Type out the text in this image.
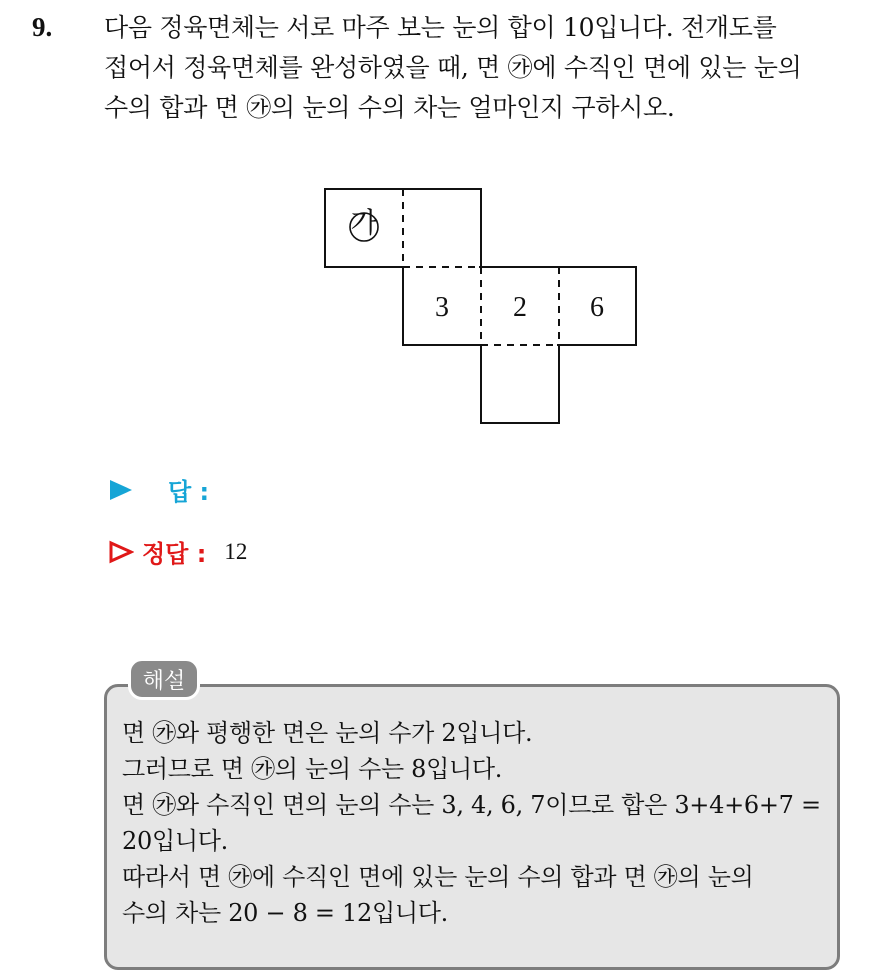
9. 다음 정육면체는 서로 마주 보는 눈의 합이 10입니다. 전개도를
접어서 정육면체를 완성하였을 때, 면 ㉮에 수직인 면에 있는 눈의
수의 합과 면 ㉮의 눈의 수의 차는 얼마인지 구하시오.
가
3 2 6
답 :
정답 : 12
해설
면 ㉮와 평행한 면은 눈의 수가 2입니다.
그러므로 면 ㉮의 눈의 수는 8입니다.
면 ㉮와 수직인 면의 눈의 수는 3, 4, 6, 7이므로 합은 3+4+6+7 =
20입니다.
따라서 면 ㉮에 수직인 면에 있는 눈의 수의 합과 면 ㉮의 눈의
수의 차는 20 − 8 = 12입니다.
